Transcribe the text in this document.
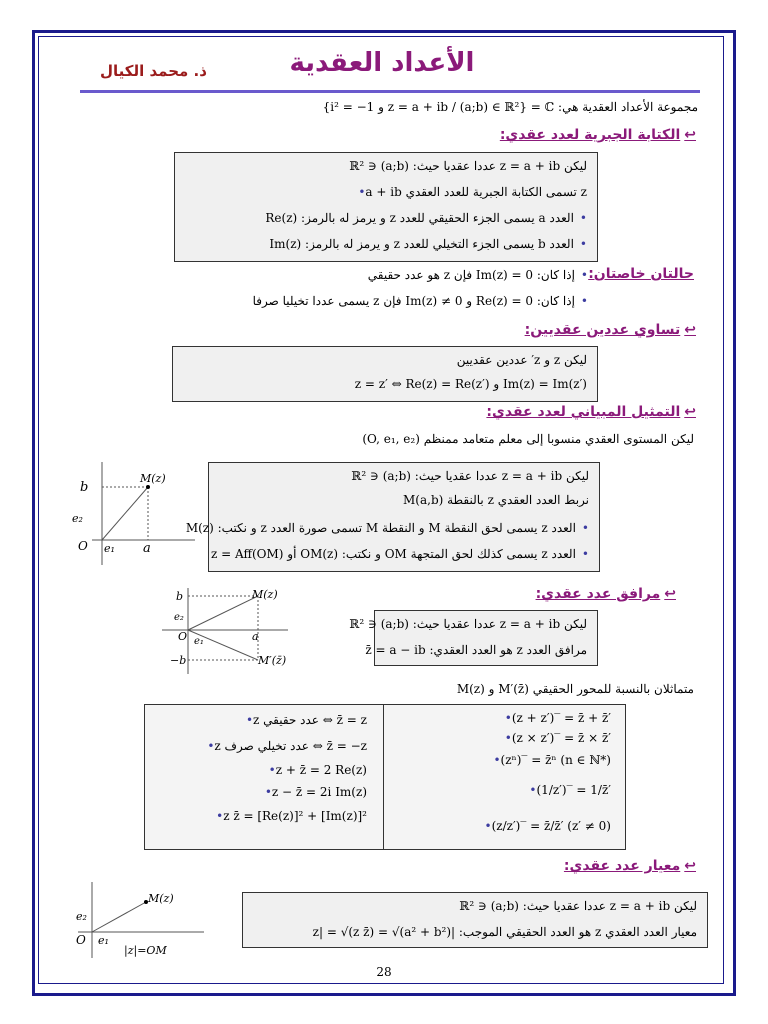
الأعداد العقدية
ذ. محمد الكيال
مجموعة الأعداد العقدية هي: ℂ = {z = a + ib / (a;b) ∈ ℝ² و i² = −1}
↩الكتابة الجبرية لعدد عقدي:
ليكن z = a + ib عددا عقديا حيث: (a;b) ∈ ℝ²
•a + ib تسمى الكتابة الجبرية للعدد العقدي z
•العدد a يسمى الجزء الحقيقي للعدد z و يرمز له بالرمز: Re(z)
•العدد b يسمى الجزء التخيلي للعدد z و يرمز له بالرمز: Im(z)
حالتان خاصتان:
•إذا كان: Im(z) = 0 فإن z هو عدد حقيقي
•إذا كان: Re(z) = 0 و Im(z) ≠ 0 فإن z يسمى عددا تخيليا صرفا
↩تساوي عددين عقديين:
ليكن z و z′ عددين عقديين
z = z′ ⇔ Re(z) = Re(z′) و Im(z) = Im(z′)
↩التمثيل المبياني لعدد عقدي:
ليكن المستوى العقدي منسوبا إلى معلم متعامد ممنظم (O, e₁, e₂)
M(z)
b
a
O e₁
e₂
ليكن z = a + ib عددا عقديا حيث: (a;b) ∈ ℝ²
نربط العدد العقدي z بالنقطة M(a,b)
•العدد z يسمى لحق النقطة M و النقطة M تسمى صورة العدد z و نكتب: M(z)
•العدد z يسمى كذلك لحق المتجهة OM و نكتب: OM(z) أو z = Aff(OM)
↩مرافق عدد عقدي:
M(z)
M′(z̄)
b
−b
a
O e₁
e₂	ليكن z = a + ib عددا عقديا حيث: (a;b) ∈ ℝ²
مرافق العدد z هو العدد العقدي: z̄ = a − ib
M(z) و M′(z̄) متماثلان بالنسبة للمحور الحقيقي
•z عدد حقيقي ⇔ z̄ = z
•z عدد تخيلي صرف ⇔ z̄ = −z
•z + z̄ = 2 Re(z)
•z − z̄ = 2i Im(z)
•z z̄ = [Re(z)]² + [Im(z)]²
•(z + z′)‾ = z̄ + z̄′
•(z × z′)‾ = z̄ × z̄′
•(zⁿ)‾ = z̄ⁿ (n ∈ ℕ*)
•(1/z′)‾ = 1/z̄′
•(z/z′)‾ = z̄/z̄′ (z′ ≠ 0)
↩معيار عدد عقدي:
M(z)
O e₁
e₂
|z|=OM
ليكن z = a + ib عددا عقديا حيث: (a;b) ∈ ℝ²
معيار العدد العقدي z هو العدد الحقيقي الموجب: |z| = √(z z̄) = √(a² + b²)
28
